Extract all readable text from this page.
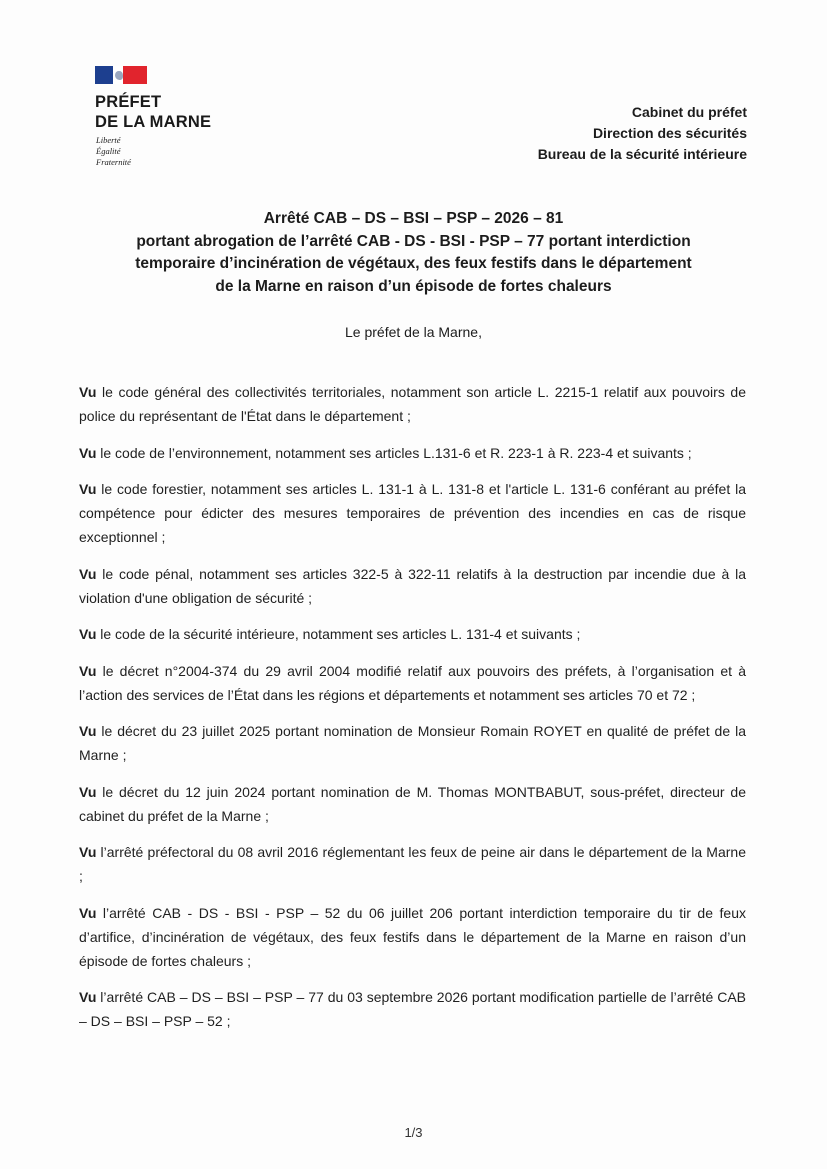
PRÉFET
DE LA MARNE
Liberté
Égalité
Fraternité
Cabinet du préfet
Direction des sécurités
Bureau de la sécurité intérieure
Arrêté CAB – DS – BSI – PSP – 2026 – 81
portant abrogation de l’arrêté CAB - DS - BSI - PSP – 77 portant interdiction
temporaire d’incinération de végétaux, des feux festifs dans le département
de la Marne en raison d’un épisode de fortes chaleurs
Le préfet de la Marne,

Vu le code général des collectivités territoriales, notamment son article L. 2215-1 relatif aux pouvoirs de police du représentant de l'État dans le département ;

Vu le code de l’environnement, notamment ses articles L.131-6 et R. 223-1 à R. 223-4 et suivants ;

Vu le code forestier, notamment ses articles L. 131-1 à L. 131-8 et l'article L. 131-6 conférant au préfet la compétence pour édicter des mesures temporaires de prévention des incendies en cas de risque exceptionnel ;

Vu le code pénal, notamment ses articles 322-5 à 322-11 relatifs à la destruction par incendie due à la violation d'une obligation de sécurité ;

Vu le code de la sécurité intérieure, notamment ses articles L. 131-4 et suivants ;

Vu le décret n°2004-374 du 29 avril 2004 modifié relatif aux pouvoirs des préfets, à l’organisation et à l’action des services de l’État dans les régions et départements et notamment ses articles 70 et 72 ;

Vu le décret du 23 juillet 2025 portant nomination de Monsieur Romain ROYET en qualité de préfet de la Marne ;

Vu le décret du 12 juin 2024 portant nomination de M. Thomas MONTBABUT, sous-préfet, directeur de cabinet du préfet de la Marne ;

Vu l’arrêté préfectoral du 08 avril 2016 réglementant les feux de peine air dans le département de la Marne ;

Vu l’arrêté CAB - DS - BSI - PSP – 52 du 06 juillet 206 portant interdiction temporaire du tir de feux d’artifice, d’incinération de végétaux, des feux festifs dans le département de la Marne en raison d’un épisode de fortes chaleurs ;

Vu l’arrêté CAB – DS – BSI – PSP – 77 du 03 septembre 2026 portant modification partielle de l’arrêté CAB – DS – BSI – PSP – 52 ;

1/3
